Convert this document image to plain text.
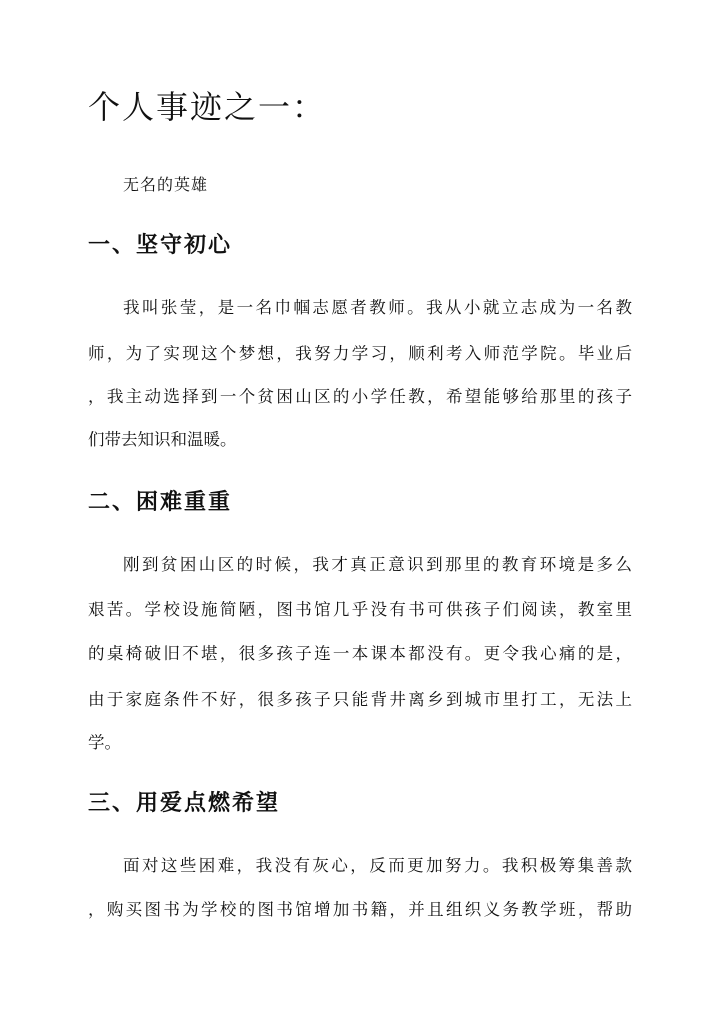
个人事迹之一：

无名的英雄

一、坚守初心

我叫张莹，是一名巾帼志愿者教师。我从小就立志成为一名教

师，为了实现这个梦想，我努力学习，顺利考入师范学院。毕业后

，我主动选择到一个贫困山区的小学任教，希望能够给那里的孩子

们带去知识和温暖。

二、困难重重

刚到贫困山区的时候，我才真正意识到那里的教育环境是多么

艰苦。学校设施简陋，图书馆几乎没有书可供孩子们阅读，教室里

的桌椅破旧不堪，很多孩子连一本课本都没有。更令我心痛的是，

由于家庭条件不好，很多孩子只能背井离乡到城市里打工，无法上

学。

三、用爱点燃希望

面对这些困难，我没有灰心，反而更加努力。我积极筹集善款

，购买图书为学校的图书馆增加书籍，并且组织义务教学班，帮助
